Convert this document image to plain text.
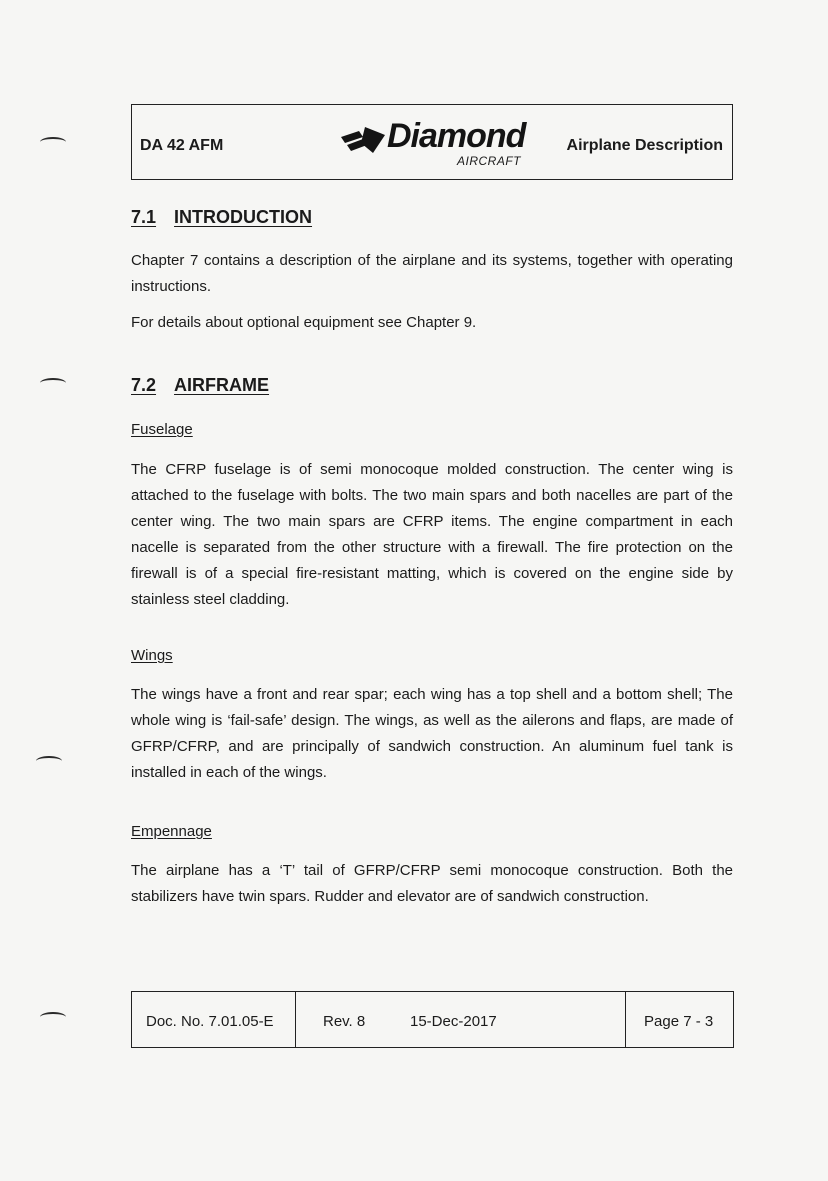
DA 42 AFM	Diamond
AIRCRAFT
Airplane Description
7.1 INTRODUCTION

Chapter 7 contains a description of the airplane and its systems, together with operating instructions.

For details about optional equipment see Chapter 9.

7.2 AIRFRAME
Fuselage

The CFRP fuselage is of semi monocoque molded construction. The center wing is attached to the fuselage with bolts. The two main spars and both nacelles are part of the center wing. The two main spars are CFRP items. The engine compartment in each nacelle is separated from the other structure with a firewall. The fire protection on the firewall is of a special fire-resistant matting, which is covered on the engine side by stainless steel cladding.

Wings

The wings have a front and rear spar; each wing has a top shell and a bottom shell; The whole wing is ‘fail-safe’ design. The wings, as well as the ailerons and flaps, are made of GFRP/CFRP, and are principally of sandwich construction. An aluminum fuel tank is installed in each of the wings.

Empennage

The airplane has a ‘T’ tail of GFRP/CFRP semi monocoque construction. Both the stabilizers have twin spars. Rudder and elevator are of sandwich construction.

Doc. No. 7.01.05-E	Rev. 8	15-Dec-2017	Page 7 - 3
